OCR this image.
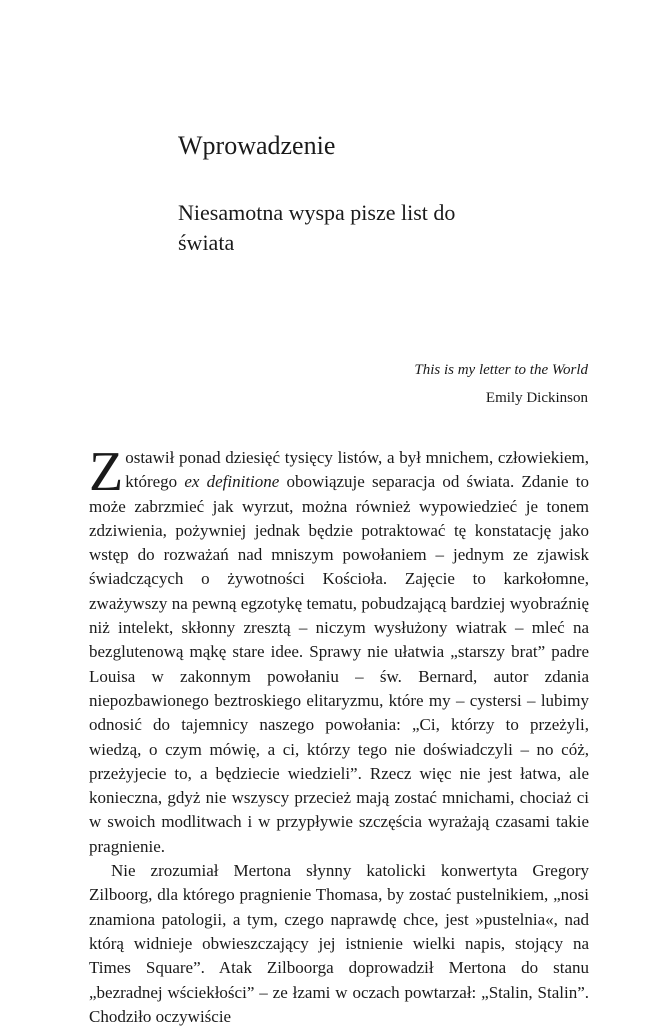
Wprowadzenie
Niesamotna wyspa pisze list do świata
This is my letter to the World
Emily Dickinson

Zostawił ponad dziesięć tysięcy listów, a był mnichem, człowiekiem, którego ex definitione obowiązuje separacja od świata. Zdanie to może zabrzmieć jak wyrzut, można również wypowiedzieć je tonem zdziwienia, pożywniej jednak będzie potraktować tę konstatację jako wstęp do rozważań nad mniszym powołaniem – jednym ze zjawisk świadczących o żywotności Kościoła. Zajęcie to karkołomne, zważywszy na pewną egzotykę tematu, pobudzającą bardziej wyobraźnię niż intelekt, skłonny zresztą – niczym wysłużony wiatrak – mleć na bezglutenową mąkę stare idee. Sprawy nie ułatwia „starszy brat” padre Louisa w zakonnym powołaniu – św. Bernard, autor zdania niepozbawionego beztroskiego elitaryzmu, które my – cystersi – lubimy odnosić do tajemnicy naszego powołania: „Ci, którzy to przeżyli, wiedzą, o czym mówię, a ci, którzy tego nie doświadczyli – no cóż, przeżyjecie to, a będziecie wiedzieli”. Rzecz więc nie jest łatwa, ale konieczna, gdyż nie wszyscy przecież mają zostać mnichami, chociaż ci w swoich modlitwach i w przypływie szczęścia wyrażają czasami takie pragnienie.

Nie zrozumiał Mertona słynny katolicki konwertyta Gregory Zilboorg, dla którego pragnienie Thomasa, by zostać pustelnikiem, „nosi znamiona patologii, a tym, czego naprawdę chce, jest »pustelnia«, nad którą widnieje obwieszczający jej istnienie wielki napis, stojący na Times Square”. Atak Zilboorga doprowadził Mertona do stanu „bezradnej wściekłości” – ze łzami w oczach powtarzał: „Stalin, Stalin”. Chodziło oczywiście
